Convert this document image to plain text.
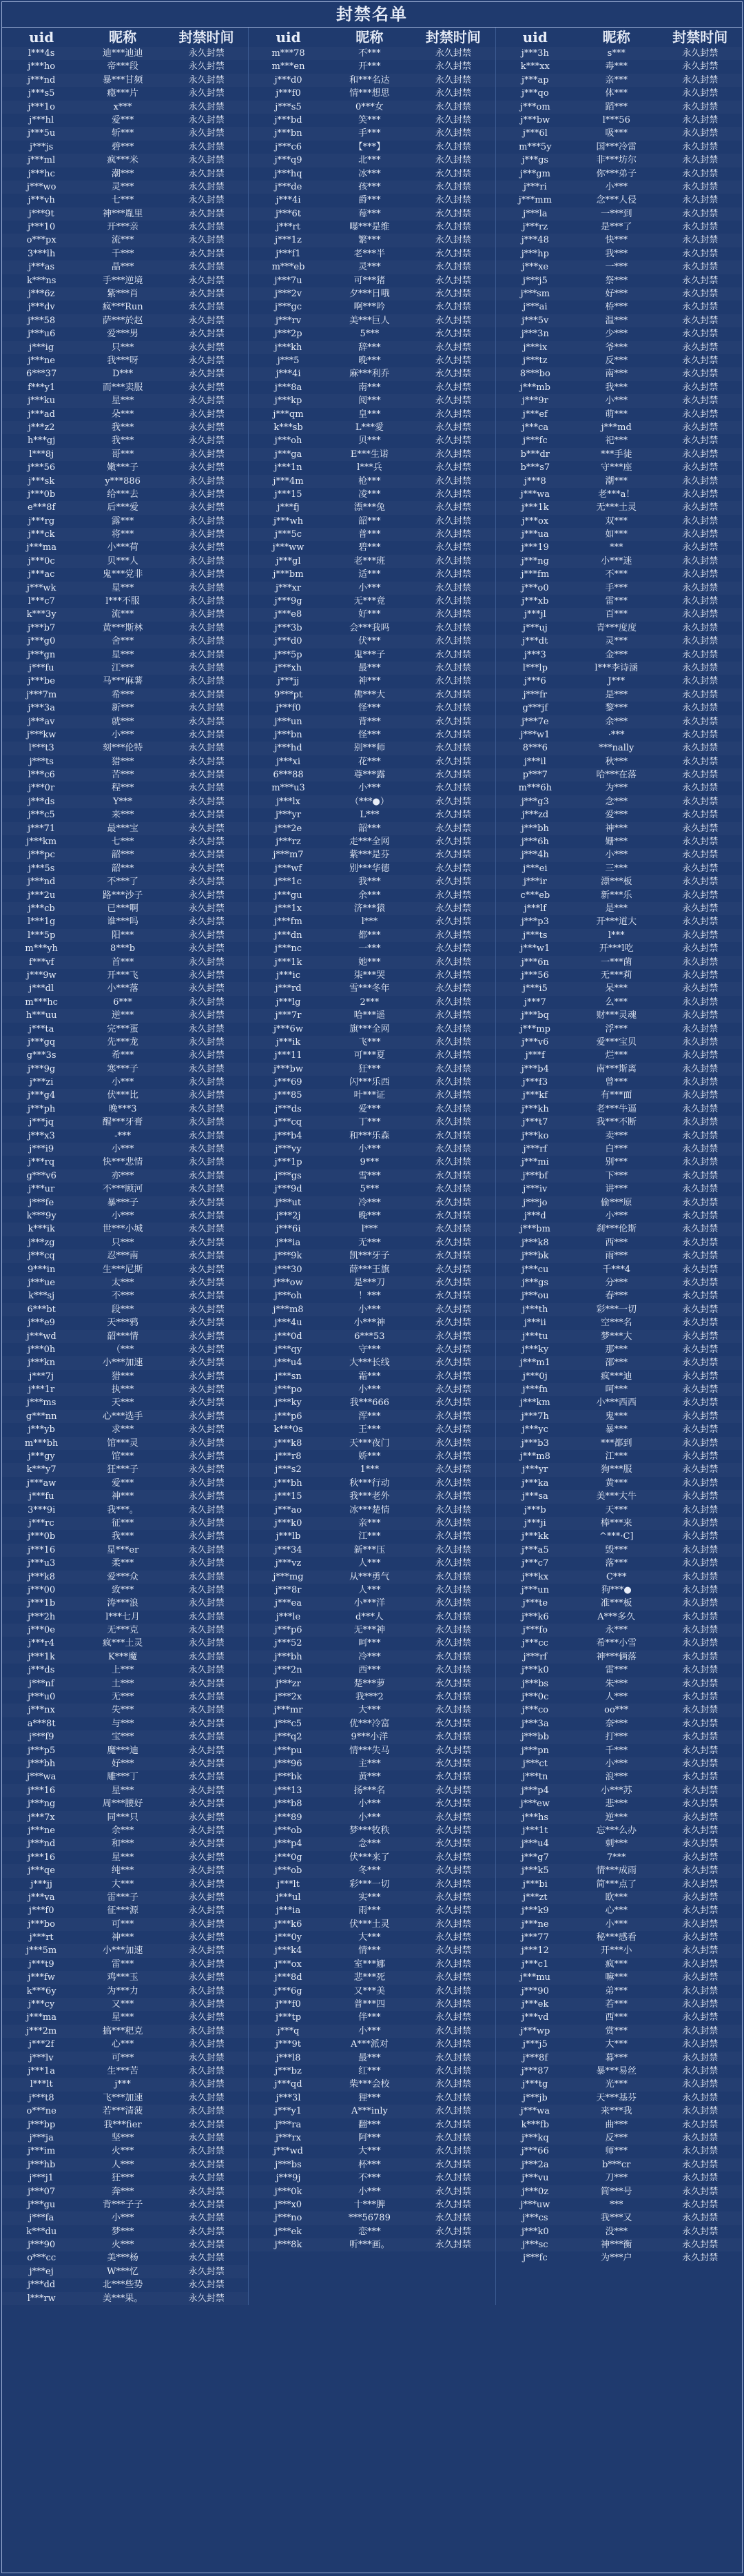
封禁名单
uid	昵称	封禁时间
l***4s	迪***迪迪	永久封禁
j***ho	帝***段	永久封禁
j***nd	暴***甘频	永久封禁
j***s5	瘾***片	永久封禁
j***1o	x***	永久封禁
j***hl	爱***	永久封禁
j***5u	斩***	永久封禁
j***js	碧***	永久封禁
j***ml	疯***米	永久封禁
j***hc	潮***	永久封禁
j***wo	灵***	永久封禁
j***vh	七***	永久封禁
j***9t	神***胤里	永久封禁
j***10	开***亲	永久封禁
o***px	流***	永久封禁
3***lh	千***	永久封禁
j***as	晶***	永久封禁
k***ns	手***逆境	永久封禁
j***6z	紫***肖	永久封禁
j***dv	疯***Run	永久封禁
j***58	萨***於赵	永久封禁
j***u6	爱***男	永久封禁
j***ig	只***	永久封禁
j***ne	我***呀	永久封禁
6***37	D***	永久封禁
f***y1	而***卖服	永久封禁
j***ku	星***	永久封禁
j***ad	朵***	永久封禁
j***z2	我***	永久封禁
h***gj	我***	永久封禁
l***8j	哥***	永久封禁
j***56	嫩***子	永久封禁
j***sk	y***886	永久封禁
j***0b	给***去	永久封禁
e***8f	后***爱	永久封禁
j***rg	露***	永久封禁
j***ck	将***	永久封禁
j***ma	小***荷	永久封禁
j***0c	贝***人	永久封禁
j***ac	鬼***党非	永久封禁
j***wk	星***	永久封禁
l***c7	l***不服	永久封禁
k***3y	流***	永久封禁
j***b7	黄***斯林	永久封禁
j***g0	舍***	永久封禁
j***gn	星***	永久封禁
j***fu	江***	永久封禁
j***be	马***麻薯	永久封禁
j***7m	希***	永久封禁
j***3a	新***	永久封禁
j***av	就***	永久封禁
j***kw	小***	永久封禁
l***t3	刻***伦特	永久封禁
j***ts	猎***	永久封禁
l***c6	苦***	永久封禁
j***0r	程***	永久封禁
j***ds	Y***	永久封禁
j***c5	来***	永久封禁
j***71	最***宝	永久封禁
j***km	七***	永久封禁
j***pc	韶***	永久封禁
j***5s	韶***	永久封禁
j***nd	不***了	永久封禁
j***2u	路***沙子	永久封禁
j***cb	已***啊	永久封禁
l***1g	谁***吗	永久封禁
l***5p	阳***	永久封禁
m***yh	8***b	永久封禁
f***vf	首***	永久封禁
j***9w	开***飞	永久封禁
j***dl	小***落	永久封禁
m***hc	6***	永久封禁
h***uu	逆***	永久封禁
j***ta	完***蛋	永久封禁
j***gq	先***龙	永久封禁
g***3s	希***	永久封禁
j***9g	寒***子	永久封禁
j***zi	小***	永久封禁
j***g4	伏***比	永久封禁
j***ph	晚***3	永久封禁
j***jq	醒***牙膏	永久封禁
j***x3	-***	永久封禁
j***i9	小***	永久封禁
j***rq	快***悲情	永久封禁
g***v6	亦***	永久封禁
j***ur	不***顾河	永久封禁
j***fe	暴***子	永久封禁
k***9y	小***	永久封禁
k***ik	世***小城	永久封禁
j***zg	只***	永久封禁
j***cq	忍***南	永久封禁
9***in	生***尼斯	永久封禁
j***ue	太***	永久封禁
k***sj	不***	永久封禁
6***bt	段***	永久封禁
j***e9	天***鸦	永久封禁
j***wd	韶***情	永久封禁
j***0h	（***	永久封禁
j***kn	小***加速	永久封禁
j***7j	猎***	永久封禁
j***1r	执***	永久封禁
j***ms	天***	永久封禁
g***nn	心***选手	永久封禁
j***yb	求***	永久封禁
m***bh	馆***灵	永久封禁
j***gy	馆***	永久封禁
k***y7	狂***子	永久封禁
j***aw	爱***	永久封禁
j***fu	神***	永久封禁
3***9i	我***。	永久封禁
j***rc	征***	永久封禁
j***0b	我***	永久封禁
j***16	星***er	永久封禁
j***u3	柔***	永久封禁
j***k8	爱***众	永久封禁
j***00	致***	永久封禁
j***1b	涛***浪	永久封禁
j***2h	l***七月	永久封禁
j***0e	无***克	永久封禁
j***r4	疯***土灵	永久封禁
j***1k	K***魔	永久封禁
j***ds	上***	永久封禁
j***nf	土***	永久封禁
j***u0	无***	永久封禁
j***nx	失***	永久封禁
a***8t	与***	永久封禁
j***f9	宝***	永久封禁
j***p5	魔***迪	永久封禁
j***bh	好***	永久封禁
j***wa	雕***丁	永久封禁
j***16	星***	永久封禁
j***ng	周***腰好	永久封禁
j***7x	同***只	永久封禁
j***ne	余***	永久封禁
j***nd	和***	永久封禁
j***16	星***	永久封禁
j***qe	纯***	永久封禁
j***jj	大***	永久封禁
j***va	雷***子	永久封禁
j***f0	征***源	永久封禁
j***bo	可***	永久封禁
j***rt	神***	永久封禁
j***5m	小***加速	永久封禁
j***t9	雷***	永久封禁
j***fw	鸡***玉	永久封禁
k***6y	为***力	永久封禁
j***cy	又***	永久封禁
j***ma	星***	永久封禁
j***2m	搞***粑克	永久封禁
j***2f	心***	永久封禁
j***lv	可***	永久封禁
j***1a	生***苦	永久封禁
l***lt	j***	永久封禁
j***t8	飞***加速	永久封禁
o***ne	若***清菠	永久封禁
j***bp	我***fier	永久封禁
j***ja	坚***	永久封禁
j***im	火***	永久封禁
j***hb	人***	永久封禁
j***j1	狂***	永久封禁
j***07	奔***	永久封禁
j***gu	背***子子	永久封禁
j***fa	小***	永久封禁
k***du	梦***	永久封禁
j***90	火***	永久封禁
o***cc	美***杨	永久封禁
j***ej	W***忆	永久封禁
j***dd	北***些势	永久封禁
l***rw	美***果。	永久封禁
uid	昵称	封禁时间
m***78	不***	永久封禁
m***en	开***	永久封禁
j***d0	和***名达	永久封禁
j***f0	情***想思	永久封禁
j***s5	0***女	永久封禁
j***bd	笑***	永久封禁
j***bn	手***	永久封禁
j***c6	【***】	永久封禁
j***q9	北***	永久封禁
j***hq	冰***	永久封禁
j***de	孩***	永久封禁
j***4i	爵***	永久封禁
j***6t	莓***	永久封禁
j***rt	曝***是维	永久封禁
j***1z	繁***	永久封禁
j***f1	老***半	永久封禁
m***eb	灵***	永久封禁
j***7u	可***猪	永久封禁
j***2v	夕***日哦	永久封禁
j***gc	啊***吟	永久封禁
j***rv	美***巨人	永久封禁
j***2p	5***	永久封禁
j***kh	辞***	永久封禁
j***5	晚***	永久封禁
j***4i	麻***利乔	永久封禁
j***8a	南***	永久封禁
j***kp	阅***	永久封禁
j***qm	皇***	永久封禁
k***sb	L***愛	永久封禁
j***oh	贝***	永久封禁
j***ga	E***生诺	永久封禁
j***1n	l***兵	永久封禁
j***4m	枪***	永久封禁
j***15	凌***	永久封禁
j***fj	漂***兔	永久封禁
j***wh	韶***	永久封禁
j***5c	普***	永久封禁
j***ww	碧***	永久封禁
j***gl	老***班	永久封禁
j***bm	适***	永久封禁
j***xr	小***	永久封禁
j***9g	无***竟	永久封禁
j***e8	好***	永久封禁
j***3b	会***我吗	永久封禁
j***d0	伏***	永久封禁
j***5p	鬼***子	永久封禁
j***xh	最***	永久封禁
j***jj	神***	永久封禁
9***pt	佛***大	永久封禁
j***f0	怪***	永久封禁
j***un	背***	永久封禁
j***bn	怪***	永久封禁
j***hd	别***师	永久封禁
j***xi	花***	永久封禁
6***88	尊***露	永久封禁
m***u3	小***	永久封禁
j***lx	（***●）	永久封禁
j***yr	L***	永久封禁
j***2e	韶***	永久封禁
j***rz	走***全网	永久封禁
j***m7	紫***是芬	永久封禁
j***wf	别***华德	永久封禁
j***1c	我***	永久封禁
j***gu	余***	永久封禁
j***1x	济***猿	永久封禁
j***fm	l***	永久封禁
j***dn	都***	永久封禁
j***nc	一***	永久封禁
j***1k	她***	永久封禁
j***ic	柒***哭	永久封禁
j***rd	雪***冬年	永久封禁
j***lg	2***	永久封禁
j***7r	哈***遥	永久封禁
j***6w	旗***全网	永久封禁
j***ik	飞***	永久封禁
j***11	可***夏	永久封禁
j***bw	狂***	永久封禁
j***69	闪***乐西	永久封禁
j***85	叶***证	永久封禁
j***ds	爱***	永久封禁
j***cq	丁***	永久封禁
j***b4	和***乐森	永久封禁
j***vy	小***	永久封禁
j***1p	9***	永久封禁
j***gs	雪***	永久封禁
j***9d	5***	永久封禁
j***ut	冷***	永久封禁
j***2j	晚***	永久封禁
j***6i	l***	永久封禁
j***ia	无***	永久封禁
j***9k	凯***牙子	永久封禁
j***30	薛***王旗	永久封禁
j***ow	是***刀	永久封禁
j***oh	！***	永久封禁
j***m8	小***	永久封禁
j***4u	小***神	永久封禁
j***0d	6***53	永久封禁
j***qy	守***	永久封禁
j***u4	大***长线	永久封禁
j***sn	霜***	永久封禁
j***po	小***	永久封禁
j***ky	我***666	永久封禁
j***p6	浑***	永久封禁
k***0s	王***	永久封禁
j***k8	天***夜门	永久封禁
j***r8	娇***	永久封禁
j***s2	1***	永久封禁
j***bh	秋***行动	永久封禁
j***15	我***老外	永久封禁
j***ao	冰***楚情	永久封禁
j***k0	亲***	永久封禁
j***lb	江***	永久封禁
j***34	新***压	永久封禁
j***vz	人***	永久封禁
j***mg	从***勇气	永久封禁
j***8r	人***	永久封禁
j***ea	小***洋	永久封禁
j***le	d***人	永久封禁
j***p6	无***神	永久封禁
j***52	呵***	永久封禁
j***bh	冷***	永久封禁
j***2n	西***	永久封禁
j***zr	楚***萝	永久封禁
j***2x	我***2	永久封禁
j***mr	大***	永久封禁
j***c5	优***冷富	永久封禁
j***q2	9***小洋	永久封禁
j***pu	情***失马	永久封禁
j***96	主***	永久封禁
j***bk	黄***	永久封禁
j***13	扬***名	永久封禁
j***b8	小***	永久封禁
j***89	小***	永久封禁
j***ob	梦***牧秩	永久封禁
j***p4	念***	永久封禁
j***0g	伏***来了	永久封禁
j***ob	冬***	永久封禁
j***lt	彩***一切	永久封禁
j***ul	实***	永久封禁
j***ia	雨***	永久封禁
j***k6	伏***土灵	永久封禁
j***0y	大***	永久封禁
j***k4	情***	永久封禁
j***ox	室***娜	永久封禁
j***8d	悲***死	永久封禁
j***6g	又***美	永久封禁
j***f0	普***四	永久封禁
j***tp	伴***	永久封禁
j***q	小***	永久封禁
j***9t	A***派对	永久封禁
j***l8	最***	永久封禁
j***bz	红***	永久封禁
j***qd	柴***会校	永久封禁
j***3l	狸***	永久封禁
j***y1	A***inly	永久封禁
j***ra	翻***	永久封禁
j***rx	阿***	永久封禁
j***wd	大***	永久封禁
j***bs	杯***	永久封禁
j***9j	不***	永久封禁
j***0k	小***	永久封禁
j***x0	十***脾	永久封禁
j***no	***56789	永久封禁
j***ek	恋***	永久封禁
j***8k	听***画。	永久封禁
uid	昵称	封禁时间
j***3h	s***	永久封禁
k***xx	毒***	永久封禁
j***ap	亲***	永久封禁
j***qo	体***	永久封禁
j***om	蹈***	永久封禁
j***bw	l***56	永久封禁
j***6l	吸***	永久封禁
m***5y	国***冷雷	永久封禁
j***gs	非***坊尔	永久封禁
j***gm	你***弟子	永久封禁
j***ri	小***	永久封禁
j***mm	念***人侵	永久封禁
j***la	一***到	永久封禁
j***rz	是***了	永久封禁
j***48	快***	永久封禁
j***hp	我***	永久封禁
j***xe	一***	永久封禁
j***j5	祭***	永久封禁
j***sm	好***	永久封禁
j***ai	桥***	永久封禁
j***5v	温***	永久封禁
j***3n	少***	永久封禁
j***ix	爷***	永久封禁
j***tz	反***	永久封禁
8***bo	南***	永久封禁
j***mb	我***	永久封禁
j***9r	小***	永久封禁
j***ef	萌***	永久封禁
j***ca	j***md	永久封禁
j***fc	祀***	永久封禁
b***dr	***手徒	永久封禁
b***s7	守***座	永久封禁
j***8	潮***	永久封禁
j***wa	老***a！	永久封禁
j***1k	无***土灵	永久封禁
j***ox	双***	永久封禁
j***ua	如***	永久封禁
j***19	***	永久封禁
j***ng	小***迷	永久封禁
j***fm	不***	永久封禁
j***o0	手***	永久封禁
j***xb	雷***	永久封禁
j***jl	百***	永久封禁
j***uj	青***度度	永久封禁
j***dt	灵***	永久封禁
j***3	金***	永久封禁
l***lp	l***李诗涵	永久封禁
j***6	J***	永久封禁
j***fr	是***	永久封禁
g***jf	黎***	永久封禁
j***7e	余***	永久封禁
j***w1	·***	永久封禁
8***6	***nally	永久封禁
j***il	秋***	永久封禁
p***7	哈***在落	永久封禁
m***6h	为***	永久封禁
j***g3	念***	永久封禁
j***zd	爱***	永久封禁
j***bh	神***	永久封禁
j***6h	姗***	永久封禁
j***4h	小***	永久封禁
j***ei	三***	永久封禁
j***ir	漂***板	永久封禁
c***eb	新***乐	永久封禁
j***lf	是***	永久封禁
j***p3	开***道大	永久封禁
j***ts	l***	永久封禁
j***w1	开***l吃	永久封禁
j***6n	一***菌	永久封禁
j***56	无***莉	永久封禁
j***i5	呆***	永久封禁
j***7	么***	永久封禁
j***bq	财***灵魂	永久封禁
j***mp	浮***	永久封禁
j***v6	爱***宝贝	永久封禁
j***f	烂***	永久封禁
j***b4	南***斯离	永久封禁
j***f3	曾***	永久封禁
j***kf	有***面	永久封禁
j***kh	老***牛逼	永久封禁
j***t7	我***不断	永久封禁
j***ko	卖***	永久封禁
j***rf	白***	永久封禁
j***mi	别***	永久封禁
j***bf	下***	永久封禁
j***iv	讲***	永久封禁
j***jo	偷***原	永久封禁
j***d	小***	永久封禁
j***bm	刹***伦斯	永久封禁
j***k8	西***	永久封禁
j***bk	雨***	永久封禁
j***cu	千***4	永久封禁
j***gs	分***	永久封禁
j***ou	春***	永久封禁
j***th	彩***一切	永久封禁
j***ii	空***名	永久封禁
j***tu	梦***大	永久封禁
j***ky	那***	永久封禁
j***m1	邵***	永久封禁
j***0j	疯***迪	永久封禁
j***fn	呵***	永久封禁
j***km	小***西西	永久封禁
j***7h	鬼***	永久封禁
j***yc	暴***	永久封禁
j***b3	***都到	永久封禁
j***m8	江***	永久封禁
j***yr	狗***服	永久封禁
j***ka	黄***	永久封禁
j***sa	美***大牛	永久封禁
j***b	天***	永久封禁
j***ji	棒***来	永久封禁
j***kk	^***·C]	永久封禁
j***a5	毁***	永久封禁
j***c7	落***	永久封禁
j***kx	C***	永久封禁
j***un	狗***●	永久封禁
j***te	准***板	永久封禁
j***k6	A***多久	永久封禁
j***fo	永***	永久封禁
j***cc	希***小雪	永久封禁
j***rf	神***俩落	永久封禁
j***k0	雷***	永久封禁
j***bs	朱***	永久封禁
j***0c	人***	永久封禁
j***co	oo***	永久封禁
j***3a	奈***	永久封禁
j***bb	打***	永久封禁
j***pn	千***	永久封禁
j***ct	小***	永久封禁
j***tn	浪***	永久封禁
j***p4	小***苏	永久封禁
j***ew	悲***	永久封禁
j***hs	逆***	永久封禁
j***1t	忘***么办	永久封禁
j***u4	刺***	永久封禁
j***g7	7***	永久封禁
j***k5	情***成雨	永久封禁
j***bi	简***点了	永久封禁
j***zt	欧***	永久封禁
j***k9	心***	永久封禁
j***ne	小***	永久封禁
j***77	秘***感看	永久封禁
j***12	开***小	永久封禁
j***c1	疯***	永久封禁
j***mu	嘛***	永久封禁
j***90	弟***	永久封禁
j***ek	若***	永久封禁
j***vd	西***	永久封禁
j***wp	赏***	永久封禁
j***j5	大***	永久封禁
j***8f	暮***	永久封禁
j***87	暴***易丝	永久封禁
j***tg	光***	永久封禁
j***jb	天***基芬	永久封禁
j***wa	来***我	永久封禁
k***fb	曲***	永久封禁
j***kq	反***	永久封禁
j***66	师***	永久封禁
j***2a	b***cr	永久封禁
j***vu	刀***	永久封禁
j***0z	简***号	永久封禁
j***uw	***	永久封禁
j***cs	我***又	永久封禁
j***k0	没***	永久封禁
j***sc	神***衡	永久封禁
j***fc	为***户	永久封禁
